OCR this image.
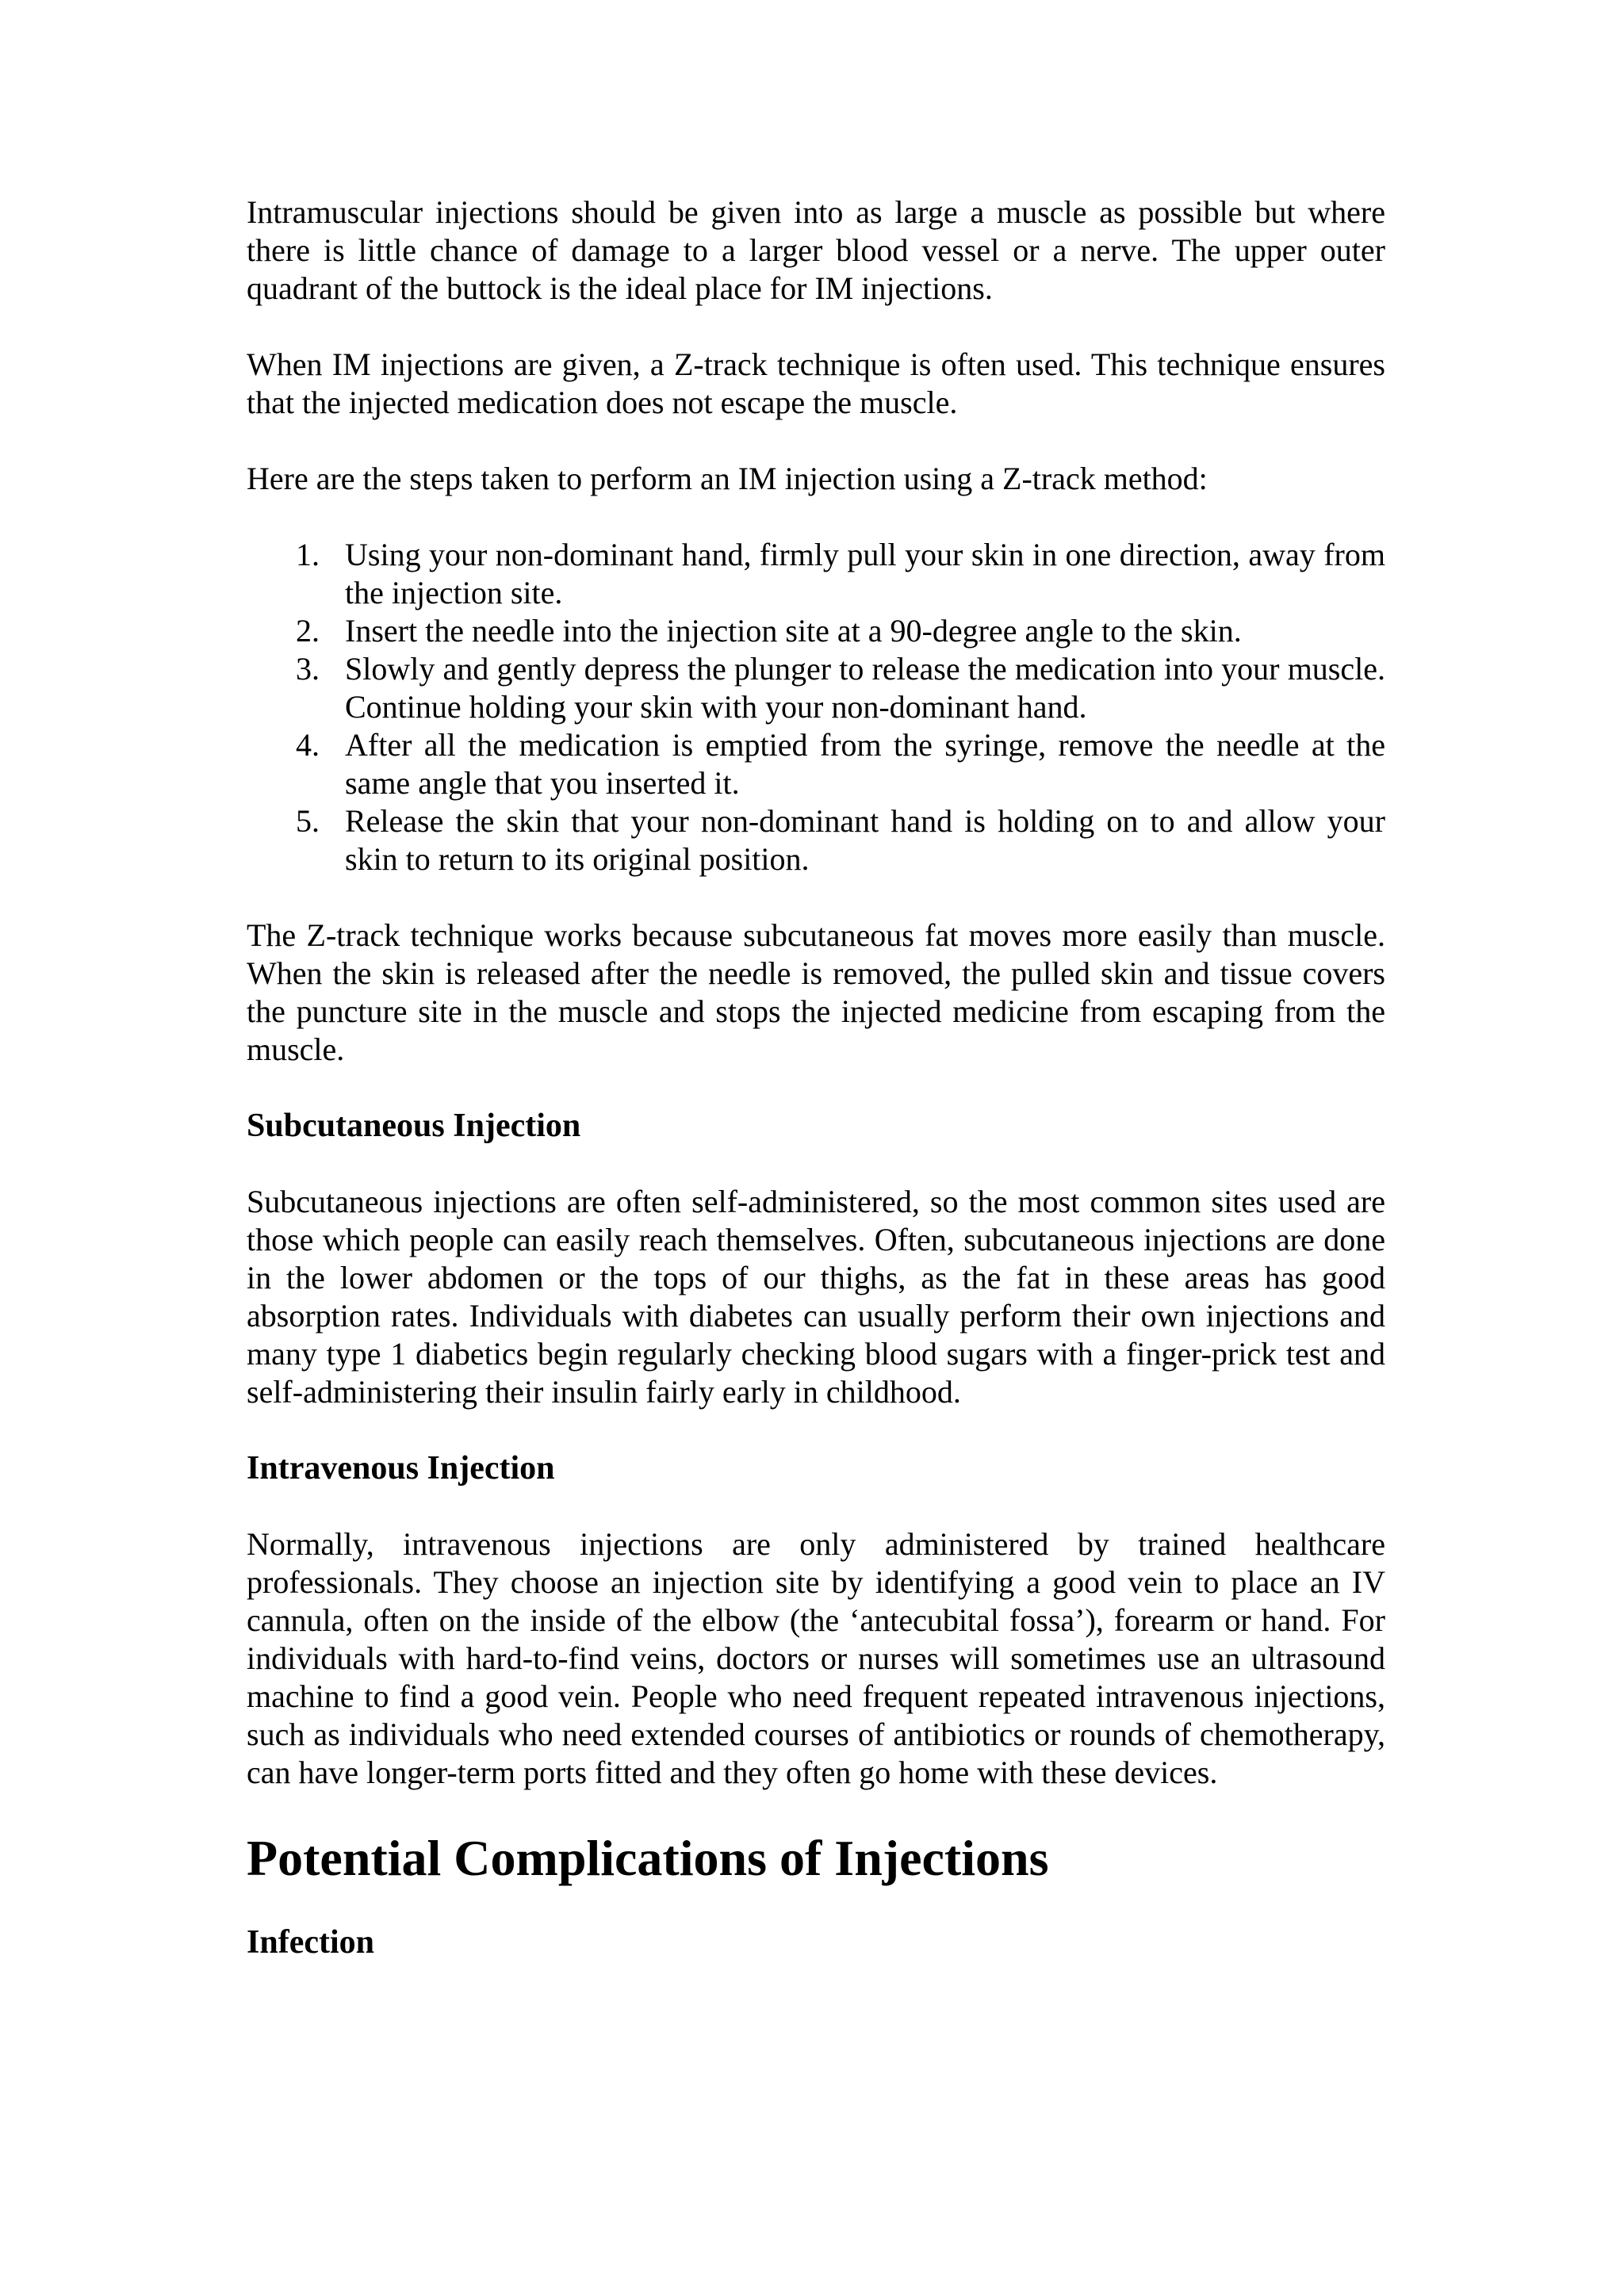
Intramuscular injections should be given into as large a muscle as possible but where there is little chance of damage to a larger blood vessel or a nerve. The upper outer quadrant of the buttock is the ideal place for IM injections.

When IM injections are given, a Z-track technique is often used. This technique ensures that the injected medication does not escape the muscle.

Here are the steps taken to perform an IM injection using a Z-track method:

1. Using your non-dominant hand, firmly pull your skin in one direction, away from the injection site.
2. Insert the needle into the injection site at a 90-degree angle to the skin.
3. Slowly and gently depress the plunger to release the medication into your muscle. Continue holding your skin with your non-dominant hand.
4. After all the medication is emptied from the syringe, remove the needle at the same angle that you inserted it.
5. Release the skin that your non-dominant hand is holding on to and allow your skin to return to its original position.

The Z-track technique works because subcutaneous fat moves more easily than muscle. When the skin is released after the needle is removed, the pulled skin and tissue covers the puncture site in the muscle and stops the injected medicine from escaping from the muscle.

Subcutaneous Injection

Subcutaneous injections are often self-administered, so the most common sites used are those which people can easily reach themselves. Often, subcutaneous injections are done in the lower abdomen or the tops of our thighs, as the fat in these areas has good absorption rates. Individuals with diabetes can usually perform their own injections and many type 1 diabetics begin regularly checking blood sugars with a finger-prick test and self-administering their insulin fairly early in childhood.

Intravenous Injection

Normally, intravenous injections are only administered by trained healthcare professionals. They choose an injection site by identifying a good vein to place an IV cannula, often on the inside of the elbow (the ‘antecubital fossa’), forearm or hand. For individuals with hard-to-find veins, doctors or nurses will sometimes use an ultrasound machine to find a good vein. People who need frequent repeated intravenous injections, such as individuals who need extended courses of antibiotics or rounds of chemotherapy, can have longer-term ports fitted and they often go home with these devices.

Potential Complications of Injections
Infection
